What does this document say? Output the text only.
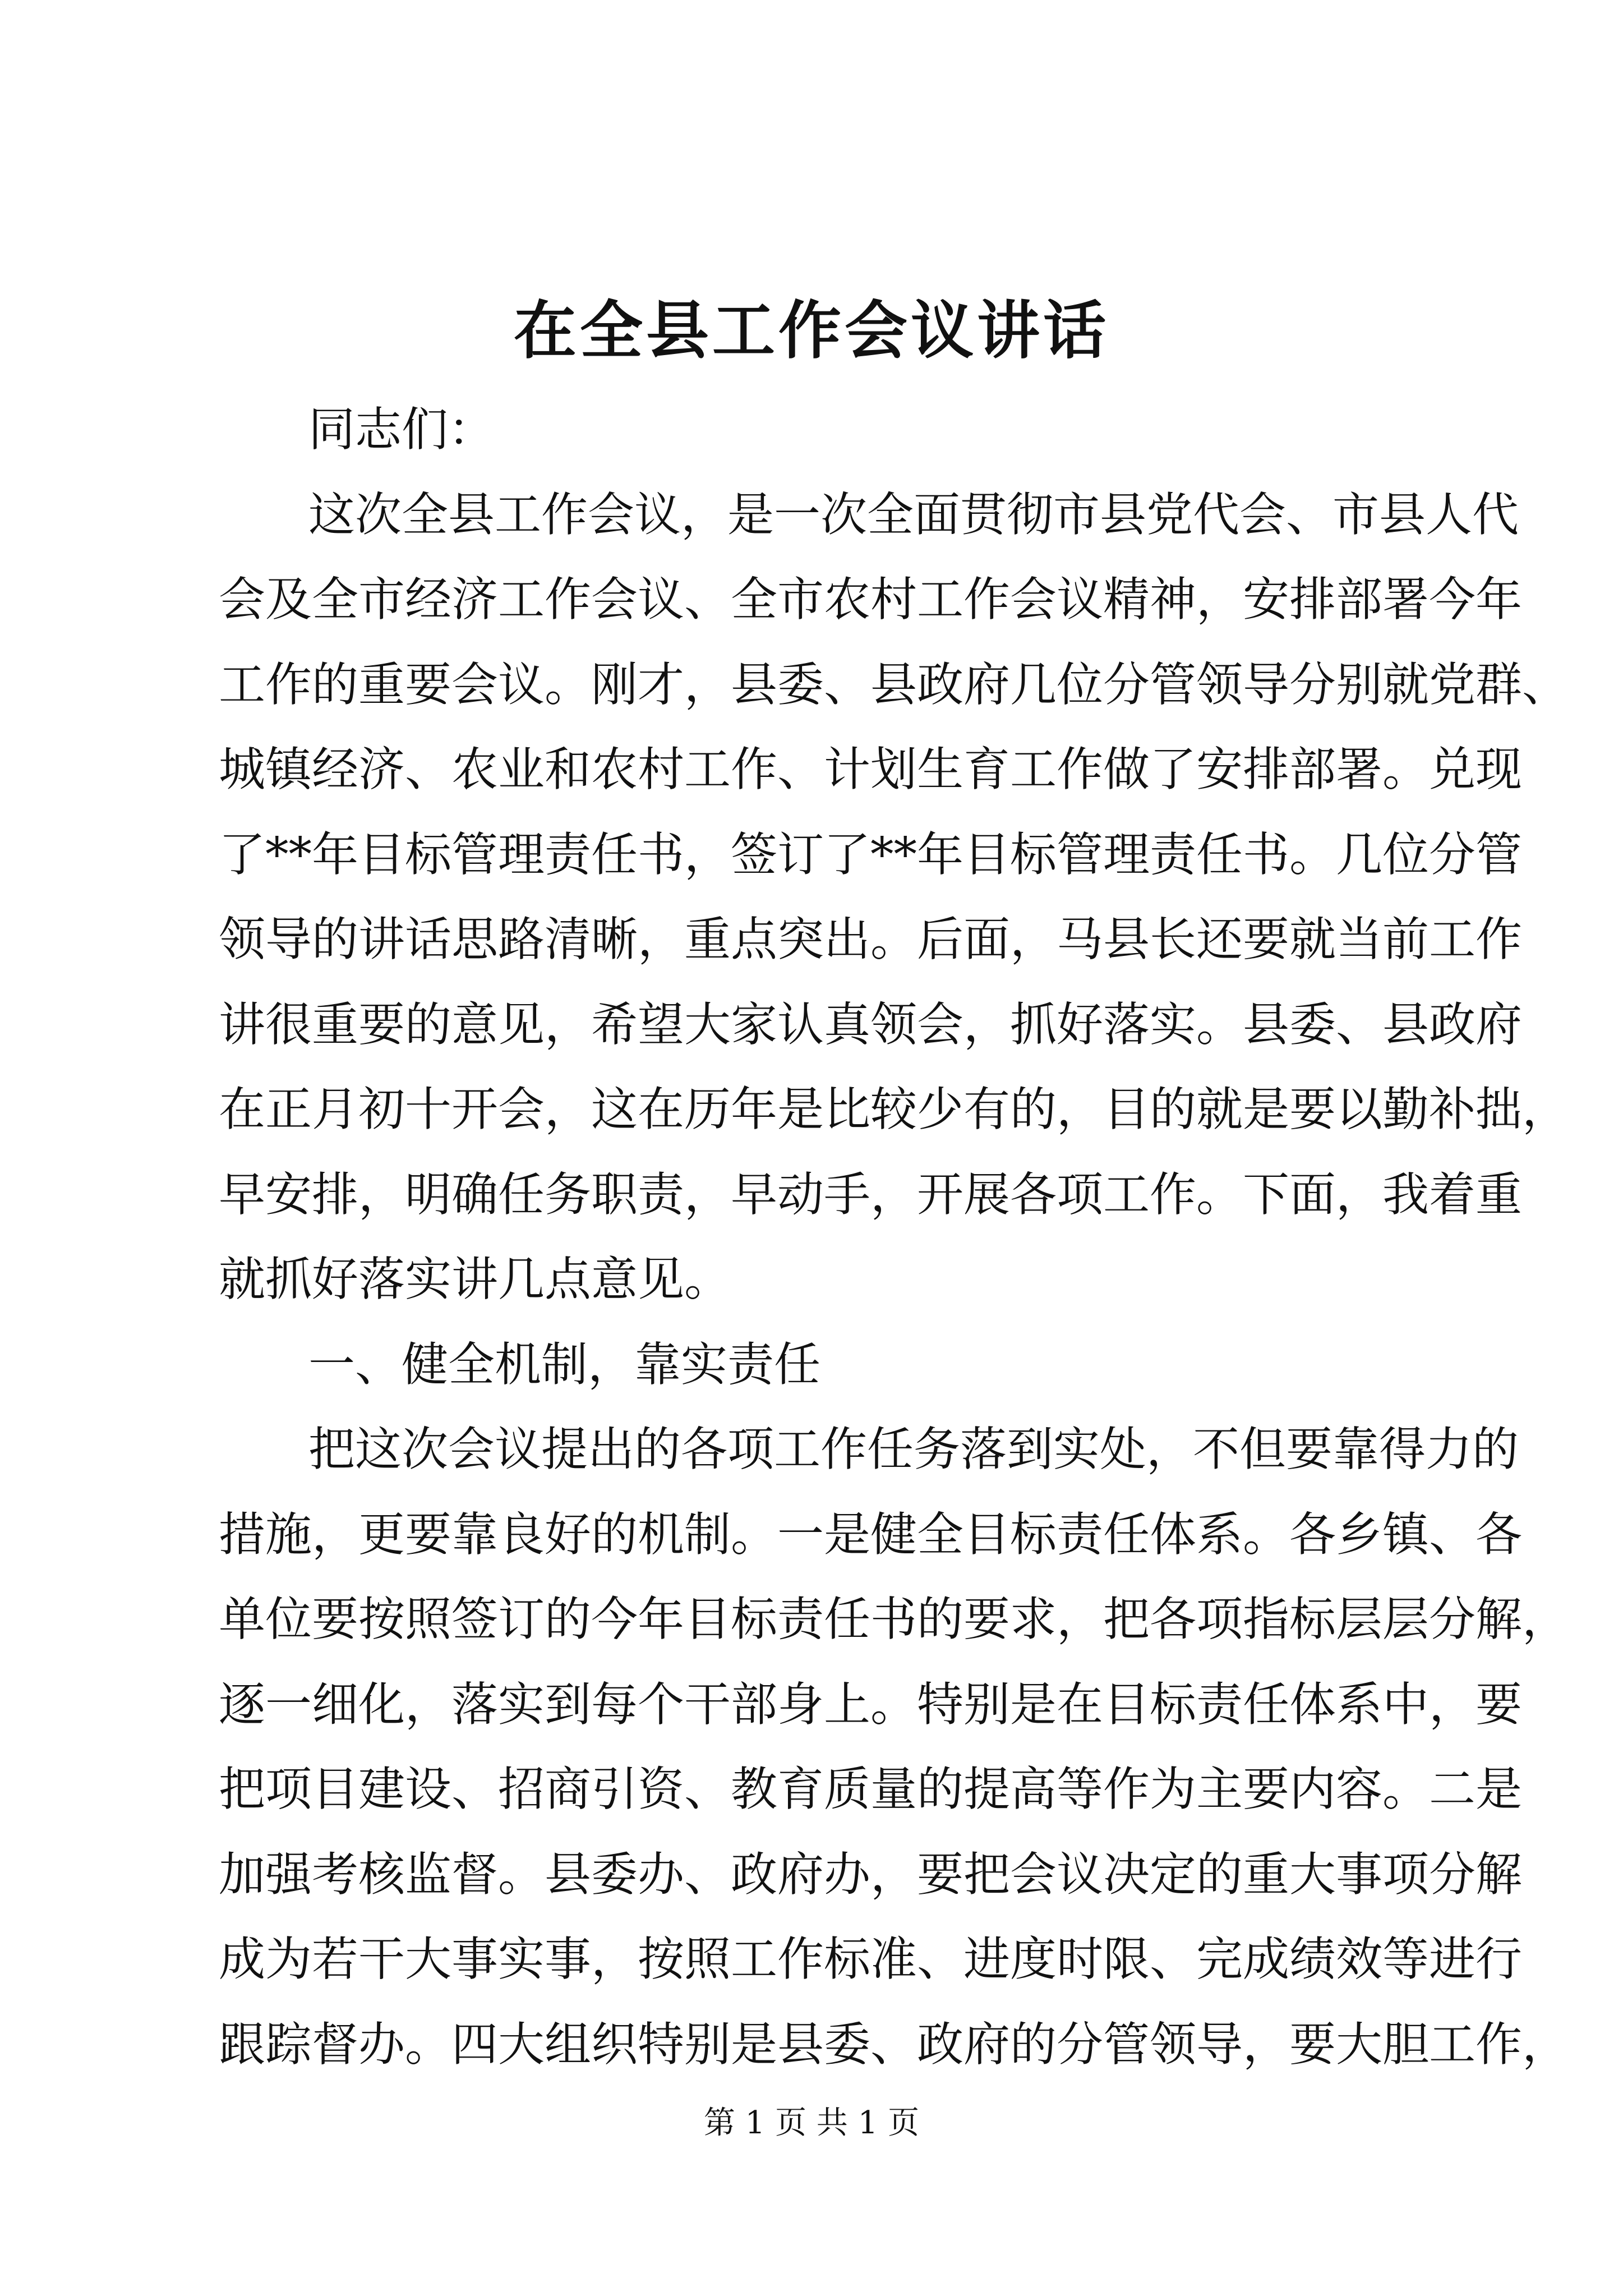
在全县工作会议讲话
同志们：
这次全县工作会议，是一次全面贯彻市县党代会、市县人代
会及全市经济工作会议、全市农村工作会议精神，安排部署今年
工作的重要会议。刚才，县委、县政府几位分管领导分别就党群、
城镇经济、农业和农村工作、计划生育工作做了安排部署。兑现
了**年目标管理责任书，签订了**年目标管理责任书。几位分管
领导的讲话思路清晰，重点突出。后面，马县长还要就当前工作
讲很重要的意见，希望大家认真领会，抓好落实。县委、县政府
在正月初十开会，这在历年是比较少有的，目的就是要以勤补拙，
早安排，明确任务职责，早动手，开展各项工作。下面，我着重
就抓好落实讲几点意见。
一、健全机制，靠实责任
把这次会议提出的各项工作任务落到实处，不但要靠得力的
措施，更要靠良好的机制。一是健全目标责任体系。各乡镇、各
单位要按照签订的今年目标责任书的要求，把各项指标层层分解，
逐一细化，落实到每个干部身上。特别是在目标责任体系中，要
把项目建设、招商引资、教育质量的提高等作为主要内容。二是
加强考核监督。县委办、政府办，要把会议决定的重大事项分解
成为若干大事实事，按照工作标准、进度时限、完成绩效等进行
跟踪督办。四大组织特别是县委、政府的分管领导，要大胆工作，
第 1 页 共 1 页
